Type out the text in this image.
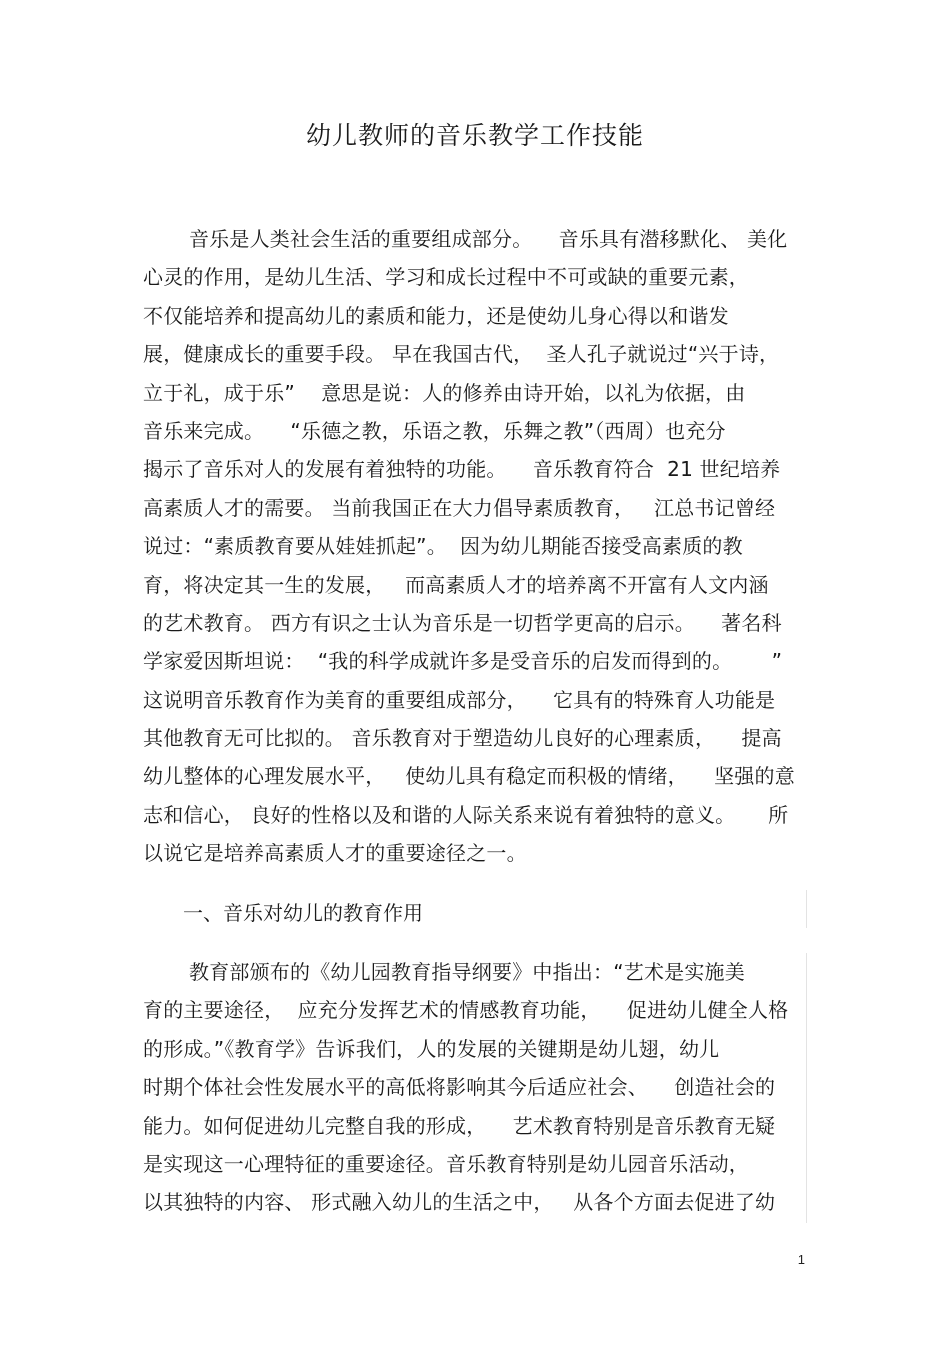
幼儿教师的音乐教学工作技能
音乐是人类社会生活的重要组成部分。    音乐具有潜移默化、 美化
心灵的作用，是幼儿生活、学习和成长过程中不可或缺的重要元素，
不仅能培养和提高幼儿的素质和能力，还是使幼儿身心得以和谐发
展，健康成长的重要手段。 早在我国古代，  圣人孔子就说过“兴于诗，
立于礼，成于乐”    意思是说：人的修养由诗开始，以礼为依据，由
音乐来完成。    “乐德之教，乐语之教，乐舞之教”（西周）也充分
揭示了音乐对人的发展有着独特的功能。    音乐教育符合  21 世纪培养
高素质人才的需要。 当前我国正在大力倡导素质教育，   江总书记曾经
说过：“素质教育要从娃娃抓起”。  因为幼儿期能否接受高素质的教
育，将决定其一生的发展，   而高素质人才的培养离不开富有人文内涵
的艺术教育。 西方有识之士认为音乐是一切哲学更高的启示。    著名科
学家爱因斯坦说：  “我的科学成就许多是受音乐的启发而得到的。      ”
这说明音乐教育作为美育的重要组成部分，    它具有的特殊育人功能是
其他教育无可比拟的。 音乐教育对于塑造幼儿良好的心理素质，    提高
幼儿整体的心理发展水平，   使幼儿具有稳定而积极的情绪，    坚强的意
志和信心， 良好的性格以及和谐的人际关系来说有着独特的意义。     所
以说它是培养高素质人才的重要途径之一。
一、音乐对幼儿的教育作用
教育部颁布的《幼儿园教育指导纲要》中指出：“艺术是实施美
育的主要途径，  应充分发挥艺术的情感教育功能，    促进幼儿健全人格
的形成。”《教育学》告诉我们，人的发展的关键期是幼儿翅，幼儿
时期个体社会性发展水平的高低将影响其今后适应社会、    创造社会的
能力。如何促进幼儿完整自我的形成，    艺术教育特别是音乐教育无疑
是实现这一心理特征的重要途径。音乐教育特别是幼儿园音乐活动，
以其独特的内容、 形式融入幼儿的生活之中，   从各个方面去促进了幼
1
